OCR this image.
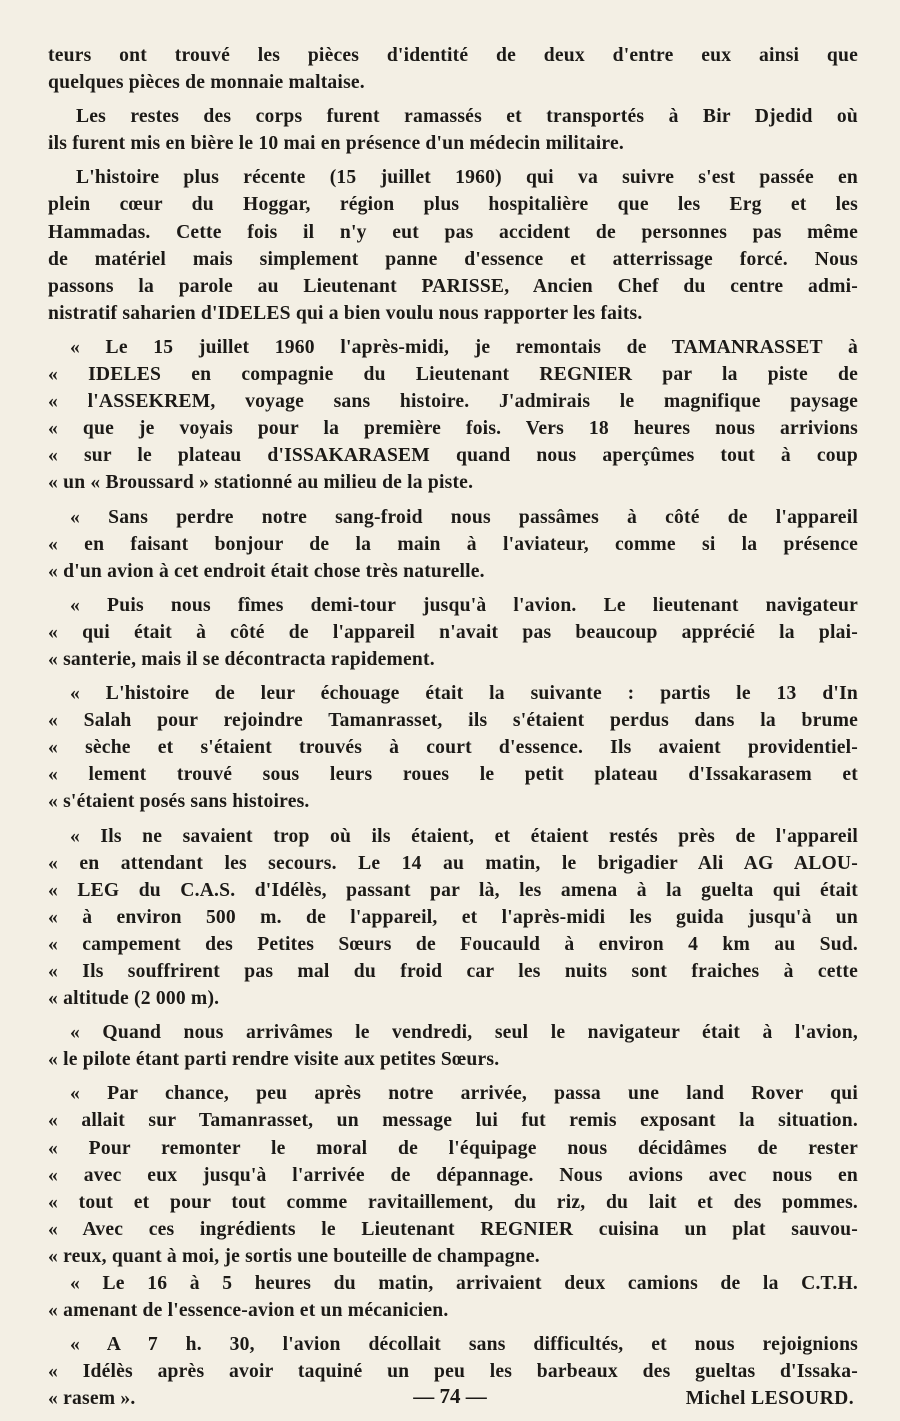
teurs ont trouvé les pièces d'identité de deux d'entre eux ainsi que
quelques pièces de monnaie maltaise.
Les restes des corps furent ramassés et transportés à Bir Djedid où
ils furent mis en bière le 10 mai en présence d'un médecin militaire.
L'histoire plus récente (15 juillet 1960) qui va suivre s'est passée en
plein cœur du Hoggar, région plus hospitalière que les Erg et les
Hammadas. Cette fois il n'y eut pas accident de personnes pas même
de matériel mais simplement panne d'essence et atterrissage forcé. Nous
passons la parole au Lieutenant PARISSE, Ancien Chef du centre admi-
nistratif saharien d'IDELES qui a bien voulu nous rapporter les faits.
« Le 15 juillet 1960 l'après-midi, je remontais de TAMANRASSET à
« IDELES en compagnie du Lieutenant REGNIER par la piste de
« l'ASSEKREM, voyage sans histoire. J'admirais le magnifique paysage
« que je voyais pour la première fois. Vers 18 heures nous arrivions
« sur le plateau d'ISSAKARASEM quand nous aperçûmes tout à coup
« un « Broussard » stationné au milieu de la piste.
« Sans perdre notre sang-froid nous passâmes à côté de l'appareil
« en faisant bonjour de la main à l'aviateur, comme si la présence
« d'un avion à cet endroit était chose très naturelle.
« Puis nous fîmes demi-tour jusqu'à l'avion. Le lieutenant navigateur
« qui était à côté de l'appareil n'avait pas beaucoup apprécié la plai-
« santerie, mais il se décontracta rapidement.
« L'histoire de leur échouage était la suivante : partis le 13 d'In
« Salah pour rejoindre Tamanrasset, ils s'étaient perdus dans la brume
« sèche et s'étaient trouvés à court d'essence. Ils avaient providentiel-
« lement trouvé sous leurs roues le petit plateau d'Issakarasem et
« s'étaient posés sans histoires.
« Ils ne savaient trop où ils étaient, et étaient restés près de l'appareil
« en attendant les secours. Le 14 au matin, le brigadier Ali AG ALOU-
« LEG du C.A.S. d'Idélès, passant par là, les amena à la guelta qui était
« à environ 500 m. de l'appareil, et l'après-midi les guida jusqu'à un
« campement des Petites Sœurs de Foucauld à environ 4 km au Sud.
« Ils souffrirent pas mal du froid car les nuits sont fraiches à cette
« altitude (2 000 m).
« Quand nous arrivâmes le vendredi, seul le navigateur était à l'avion,
« le pilote étant parti rendre visite aux petites Sœurs.
« Par chance, peu après notre arrivée, passa une land Rover qui
« allait sur Tamanrasset, un message lui fut remis exposant la situation.
« Pour remonter le moral de l'équipage nous décidâmes de rester
« avec eux jusqu'à l'arrivée de dépannage. Nous avions avec nous en
« tout et pour tout comme ravitaillement, du riz, du lait et des pommes.
« Avec ces ingrédients le Lieutenant REGNIER cuisina un plat sauvou-
« reux, quant à moi, je sortis une bouteille de champagne.
« Le 16 à 5 heures du matin, arrivaient deux camions de la C.T.H.
« amenant de l'essence-avion et un mécanicien.
« A 7 h. 30, l'avion décollait sans difficultés, et nous rejoignions
« Idélès après avoir taquiné un peu les barbeaux des gueltas d'Issaka-
« rasem ».	Michel LESOURD.
— 74 —
